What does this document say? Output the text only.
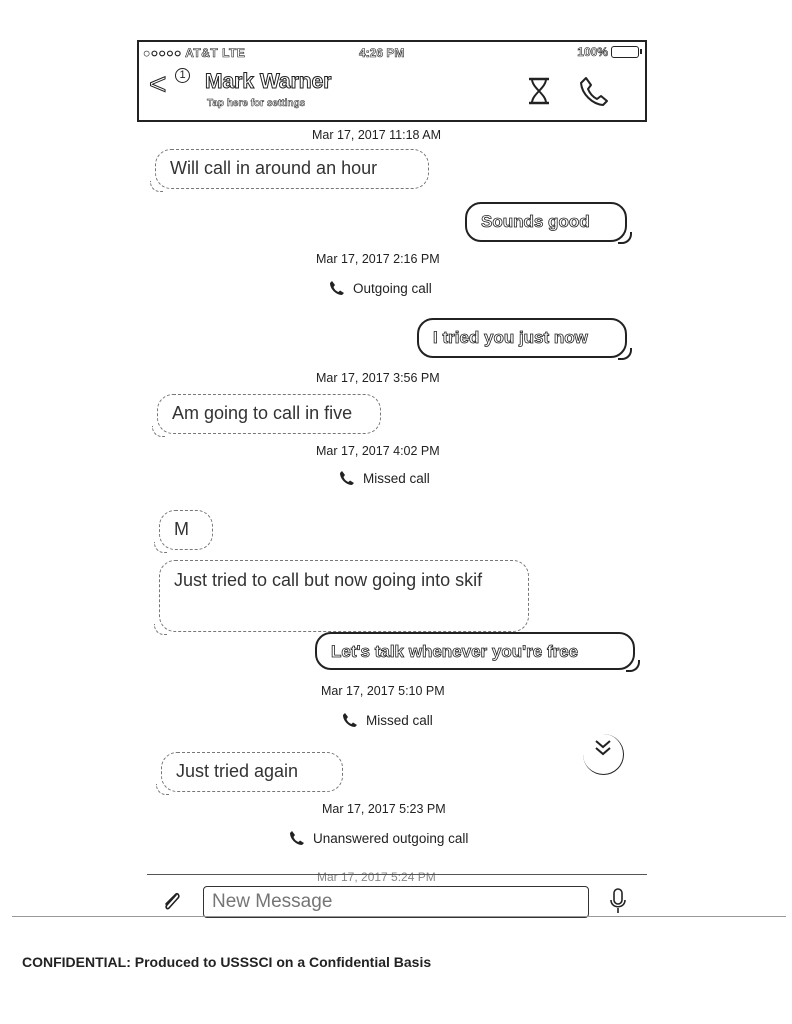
●○○○○ AT&T LTE	4:26 PM	100%
<	1 Mark Warner
Tap here for settings
Mar 17, 2017 11:18 AM
Will call in around an hour
Sounds good
Mar 17, 2017 2:16 PM
Outgoing call
I tried you just now
Mar 17, 2017 3:56 PM
Am going to call in five
Mar 17, 2017 4:02 PM
Missed call
M
Just tried to call but now going into skif
Let's talk whenever you're free
Mar 17, 2017 5:10 PM
Missed call
Just tried again
Mar 17, 2017 5:23 PM
Unanswered outgoing call
Mar 17, 2017 5:24 PM
New Message
CONFIDENTIAL: Produced to USSSCI on a Confidential Basis
